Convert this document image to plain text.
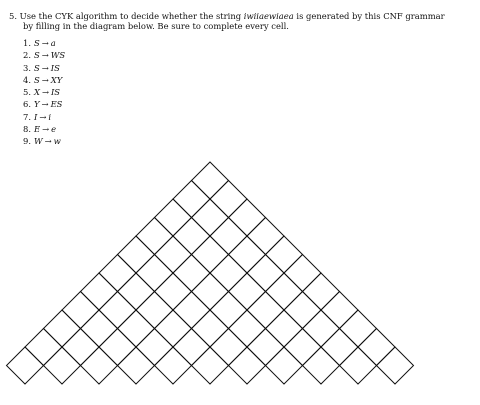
5. Use the CYK algorithm to decide whether the string iwiiaewiaea is generated by this CNF grammar
by filling in the diagram below. Be sure to complete every cell.
1. S → a
2. S → WS
3. S → IS
4. S → XY
5. X → IS
6. Y → ES
7. I → i
8. E → e
9. W → w
